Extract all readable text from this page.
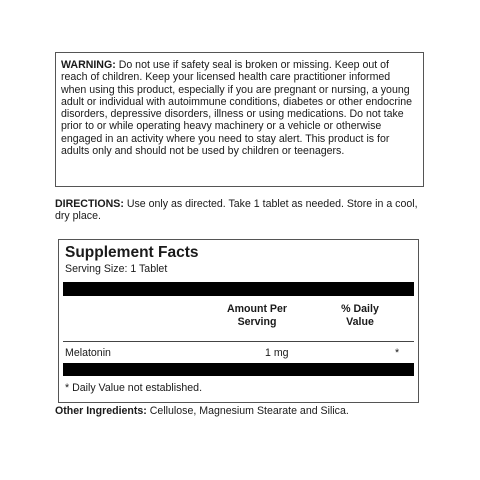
WARNING: Do not use if safety seal is broken or missing. Keep out of reach of children. Keep your licensed health care practitioner informed when using this product, especially if you are pregnant or nursing, a young adult or individual with autoimmune conditions, diabetes or other endocrine disorders, depressive disorders, illness or using medications. Do not take prior to or while operating heavy machinery or a vehicle or otherwise engaged in an activity where you need to stay alert. This product is for adults only and should not be used by children or teenagers.
DIRECTIONS: Use only as directed. Take 1 tablet as needed. Store in a cool, dry place.
Supplement Facts
Serving Size: 1 Tablet
Amount Per Serving
% Daily Value
Melatonin	1 mg	*
* Daily Value not established.
Other Ingredients: Cellulose, Magnesium Stearate and Silica.
